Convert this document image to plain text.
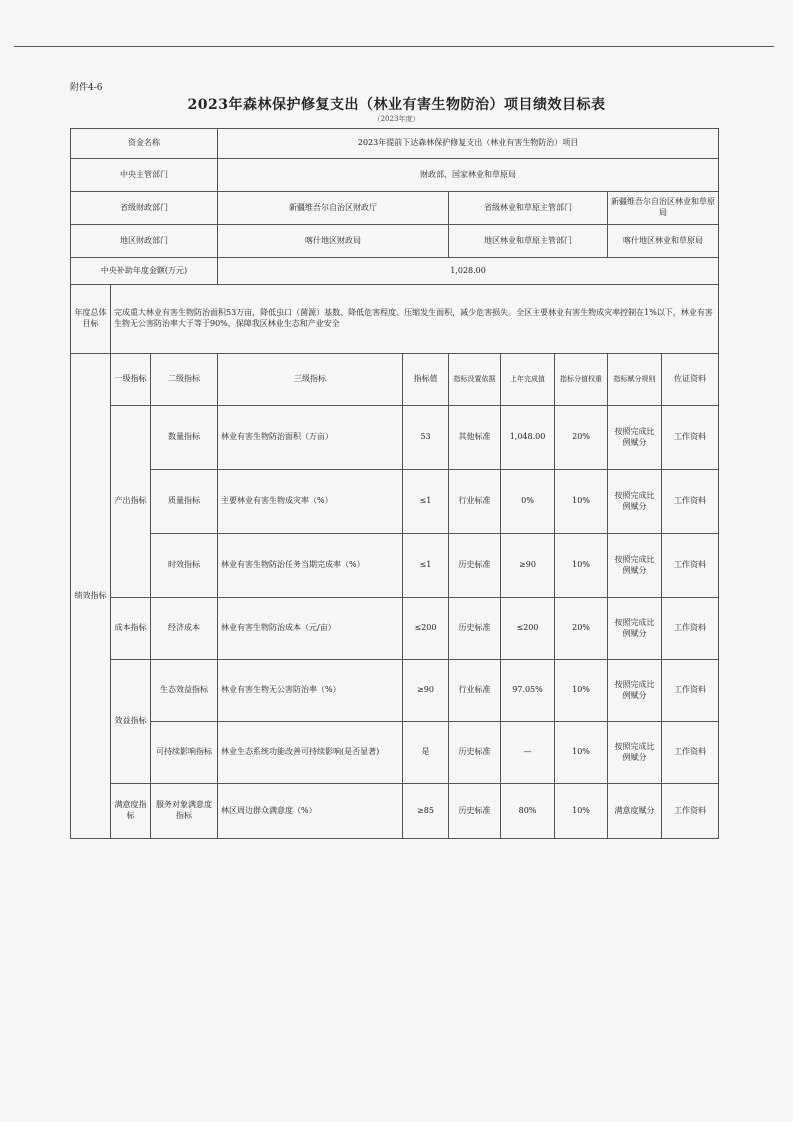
附件4-6
2023年森林保护修复支出（林业有害生物防治）项目绩效目标表
（2023年度）
资金名称			2023年提前下达森林保护修复支出（林业有害生物防治）项目						
中央主管部门			财政部、国家林业和草原局						
省级财政部门			新疆维吾尔自治区财政厅		省级林业和草原主管部门			新疆维吾尔自治区林业和草原局	
地区财政部门			喀什地区财政局		地区林业和草原主管部门			喀什地区林业和草原局	
中央补助年度金额(万元)			1,028.00						
年度总体目标	完成重大林业有害生物防治面积53万亩，降低虫口（菌源）基数、降低危害程度、压缩发生面积，减少危害损失。全区主要林业有害生物成灾率控制在1%以下，林业有害生物无公害防治率大于等于90%，保障我区林业生态和产业安全								
绩效指标	一级指标	二级指标	三级指标	指标值	指标设置依据	上年完成值	指标分值权重	指标赋分规则	佐证资料
	产出指标	数量指标	林业有害生物防治面积（万亩）	53	其他标准	1,048.00	20%	按照完成比例赋分	工作资料
		质量指标	主要林业有害生物成灾率（%）	≤1	行业标准	0%	10%	按照完成比例赋分	工作资料
		时效指标	林业有害生物防治任务当期完成率（%）	≤1	历史标准	≥90	10%	按照完成比例赋分	工作资料
	成本指标	经济成本	林业有害生物防治成本（元/亩）	≤200	历史标准	≤200	20%	按照完成比例赋分	工作资料
	效益指标	生态效益指标	林业有害生物无公害防治率（%）	≥90	行业标准	97.05%	10%	按照完成比例赋分	工作资料
		可持续影响指标	林业生态系统功能改善可持续影响(是否显著)	是	历史标准	—	10%	按照完成比例赋分	工作资料
	满意度指标	服务对象满意度指标	林区周边群众满意度（%）	≥85	历史标准	80%	10%	满意度赋分	工作资料
